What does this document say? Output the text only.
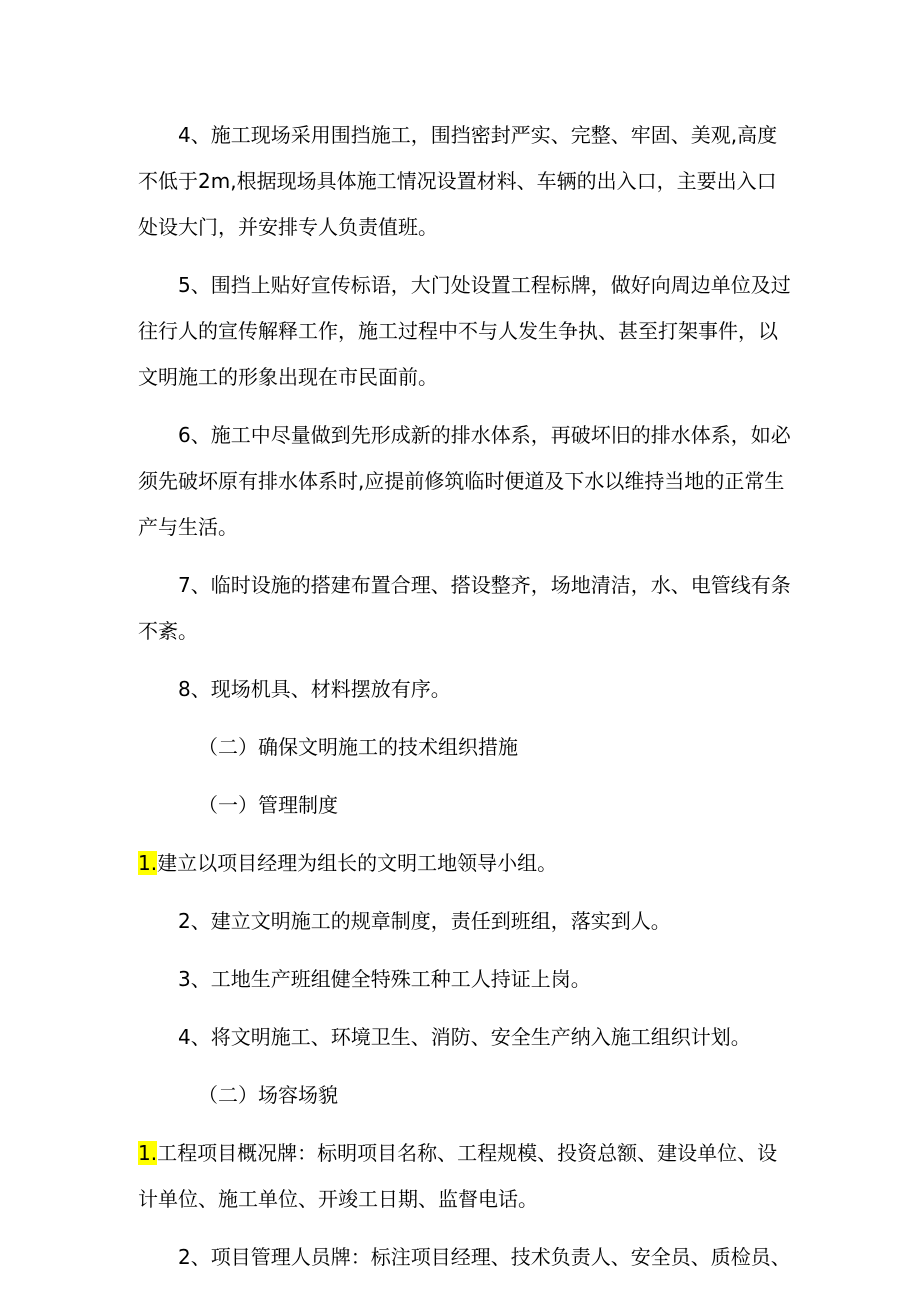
4、施工现场采用围挡施工，围挡密封严实、完整、牢固、美观,高度不低于2m,根据现场具体施工情况设置材料、车辆的出入口，主要出入口处设大门，并安排专人负责值班。

5、围挡上贴好宣传标语，大门处设置工程标牌，做好向周边单位及过往行人的宣传解释工作，施工过程中不与人发生争执、甚至打架事件，以文明施工的形象出现在市民面前。

6、施工中尽量做到先形成新的排水体系，再破坏旧的排水体系，如必须先破坏原有排水体系时,应提前修筑临时便道及下水以维持当地的正常生产与生活。

7、临时设施的搭建布置合理、搭设整齐，场地清洁，水、电管线有条不紊。

8、现场机具、材料摆放有序。

（二）确保文明施工的技术组织措施

（一）管理制度

1.建立以项目经理为组长的文明工地领导小组。

2、建立文明施工的规章制度，责任到班组，落实到人。

3、工地生产班组健全特殊工种工人持证上岗。

4、将文明施工、环境卫生、消防、安全生产纳入施工组织计划。

（二）场容场貌

1.工程项目概况牌：标明项目名称、工程规模、投资总额、建设单位、设计单位、施工单位、开竣工日期、监督电话。

2、项目管理人员牌：标注项目经理、技术负责人、安全员、质检员、
